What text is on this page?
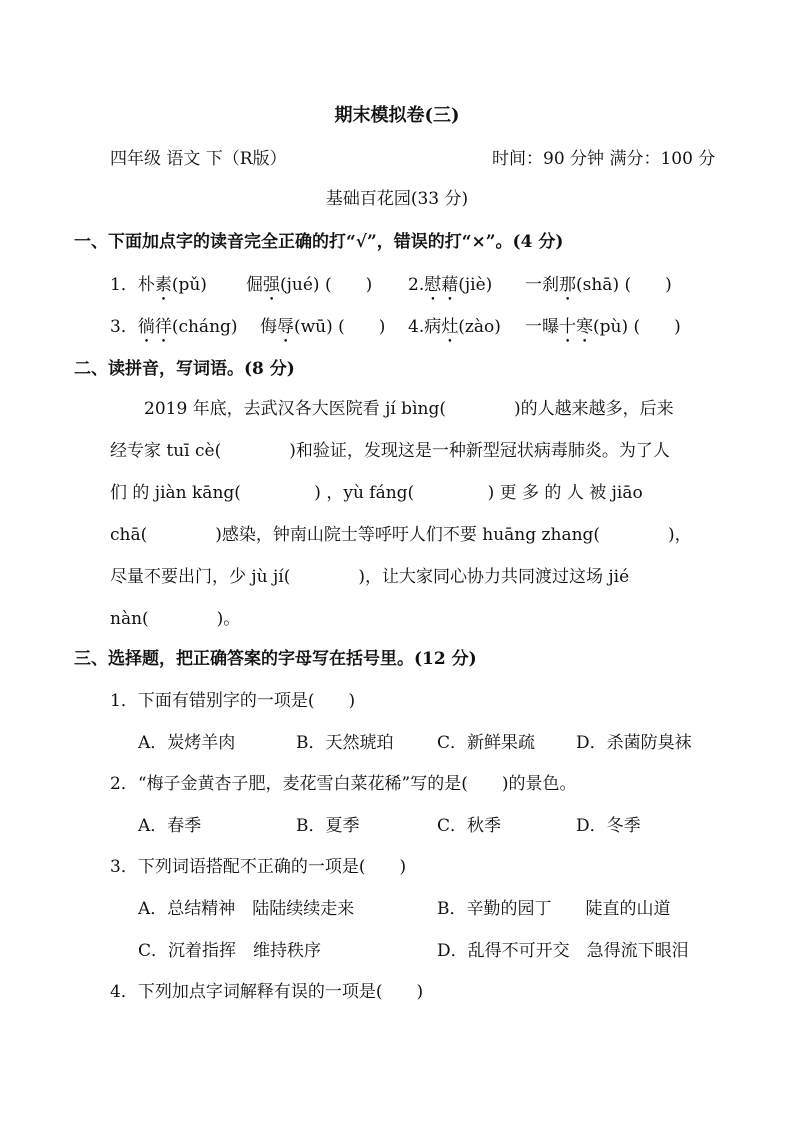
期末模拟卷(三)
四年级 语文 下（R版）	时间：90 分钟 满分：100 分
基础百花园(33 分)
一、下面加点字的读音完全正确的打“√”，错误的打“×”。(4 分)
1．朴素(pǔ) 倔强(jué) (　　) 2.慰藉(jiè) 一刹那(shā) (　　)
3．徜徉(cháng) 侮辱(wū) (　　) 4.病灶(zào) 一曝十寒(pù) (　　)
二、读拼音，写词语。(8 分)
　　2019 年底，去武汉各大医院看 jí bìng(　　　　)的人越来越多，后来
经专家 tuī cè(　　　　)和验证，发现这是一种新型冠状病毒肺炎。为了人
们 的 jiàn kāng(　　　　 ) ，yù fáng(　　　　 ) 更 多 的 人 被 jiāo
chā(　　　　)感染，钟南山院士等呼吁人们不要 huāng zhang(　　　　)，
尽量不要出门，少 jù jí(　　　　)，让大家同心协力共同渡过这场 jié
nàn(　　　　)。
三、选择题，把正确答案的字母写在括号里。(12 分)
1．下面有错别字的一项是(　　)
A．炭烤羊肉	B．天然琥珀	C．新鲜果疏 D．杀菌防臭袜
2．“梅子金黄杏子肥，麦花雪白菜花稀”写的是(　　)的景色。
A．春季	B．夏季	C．秋季	D．冬季
3．下列词语搭配不正确的一项是(　　)
A．总结精神　陆陆续续走来	B．辛勤的园丁　　陡直的山道
C．沉着指挥　维持秩序	D．乱得不可开交　急得流下眼泪
4．下列加点字词解释有误的一项是(　　)
